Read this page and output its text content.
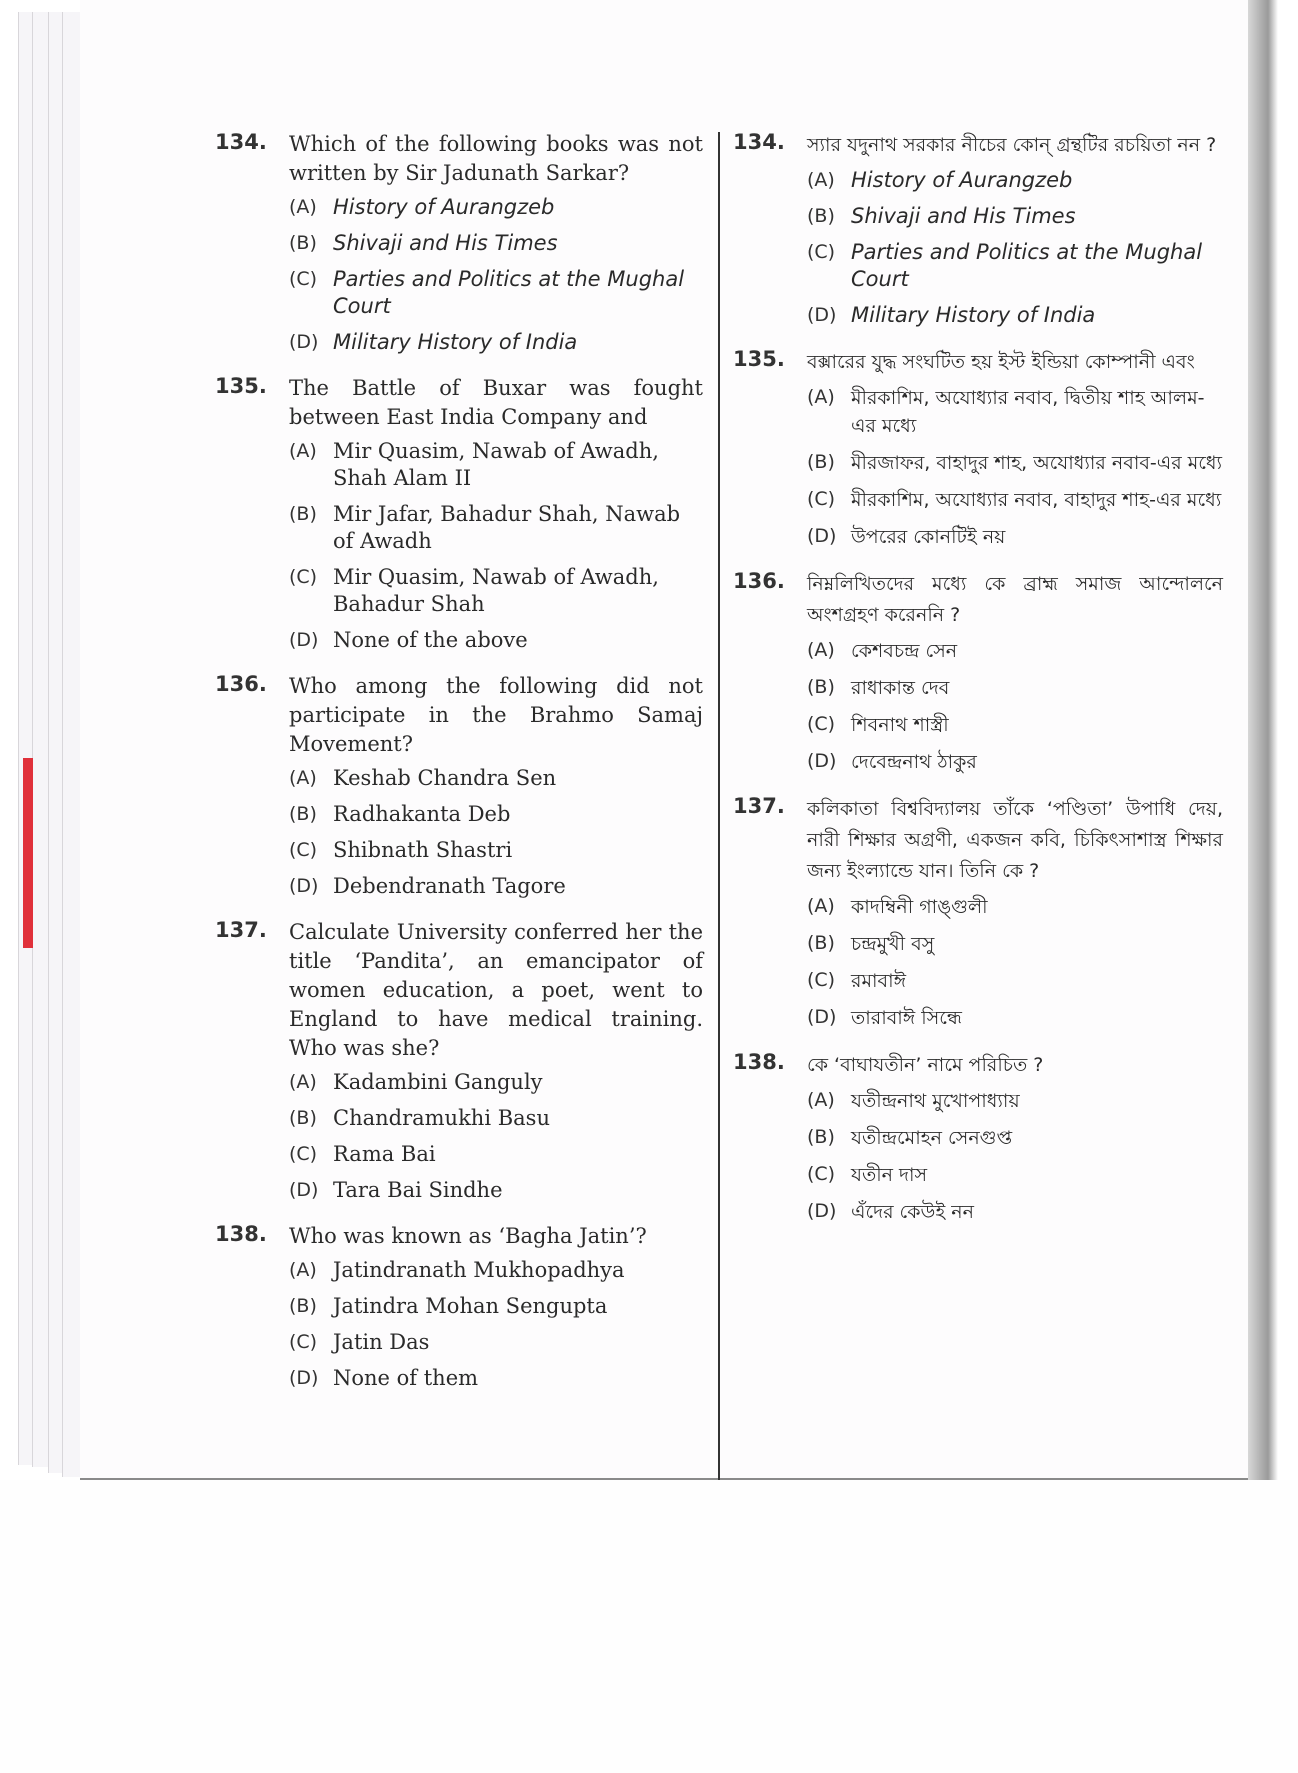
134. Which of the following books was not written by Sir Jadunath Sarkar?
(A) History of Aurangzeb
(B) Shivaji and His Times
(C) Parties and Politics at the Mughal Court
(D) Military History of India
135. The Battle of Buxar was fought between East India Company and
(A) Mir Quasim, Nawab of Awadh, Shah Alam II
(B) Mir Jafar, Bahadur Shah, Nawab of Awadh
(C) Mir Quasim, Nawab of Awadh, Bahadur Shah
(D) None of the above
136. Who among the following did not participate in the Brahmo Samaj Movement?
(A) Keshab Chandra Sen
(B) Radhakanta Deb
(C) Shibnath Shastri
(D) Debendranath Tagore
137. Calculate University conferred her the title ‘Pandita’, an emancipator of women education, a poet, went to England to have medical training. Who was she?
(A) Kadambini Ganguly
(B) Chandramukhi Basu
(C) Rama Bai
(D) Tara Bai Sindhe
138. Who was known as ‘Bagha Jatin’?
(A) Jatindranath Mukhopadhya
(B) Jatindra Mohan Sengupta
(C) Jatin Das
(D) None of them
134. স্যার যদুনাথ সরকার নীচের কোন্ গ্রন্থটির রচয়িতা নন ?
(A) History of Aurangzeb
(B) Shivaji and His Times
(C) Parties and Politics at the Mughal Court
(D) Military History of India
135. বক্সারের যুদ্ধ সংঘটিত হয় ইস্ট ইন্ডিয়া কোম্পানী এবং
(A) মীরকাশিম, অযোধ্যার নবাব, দ্বিতীয় শাহ আলম-এর মধ্যে
(B) মীরজাফর, বাহাদুর শাহ, অযোধ্যার নবাব-এর মধ্যে
(C) মীরকাশিম, অযোধ্যার নবাব, বাহাদুর শাহ-এর মধ্যে
(D) উপরের কোনটিই নয়
136. নিম্নলিখিতদের মধ্যে কে ব্রাহ্ম সমাজ আন্দোলনে অংশগ্রহণ করেননি ?
(A) কেশবচন্দ্র সেন
(B) রাধাকান্ত দেব
(C) শিবনাথ শাস্ত্রী
(D) দেবেন্দ্রনাথ ঠাকুর
137. কলিকাতা বিশ্ববিদ্যালয় তাঁকে ‘পণ্ডিতা’ উপাধি দেয়, নারী শিক্ষার অগ্রণী, একজন কবি, চিকিৎসাশাস্ত্র শিক্ষার জন্য ইংল্যান্ডে যান। তিনি কে ?
(A) কাদম্বিনী গাঙ্গুলী
(B) চন্দ্রমুখী বসু
(C) রমাবাঈ
(D) তারাবাঈ সিন্ধে
138. কে ‘বাঘাযতীন’ নামে পরিচিত ?
(A) যতীন্দ্রনাথ মুখোপাধ্যায়
(B) যতীন্দ্রমোহন সেনগুপ্ত
(C) যতীন দাস
(D) এঁদের কেউই নন
